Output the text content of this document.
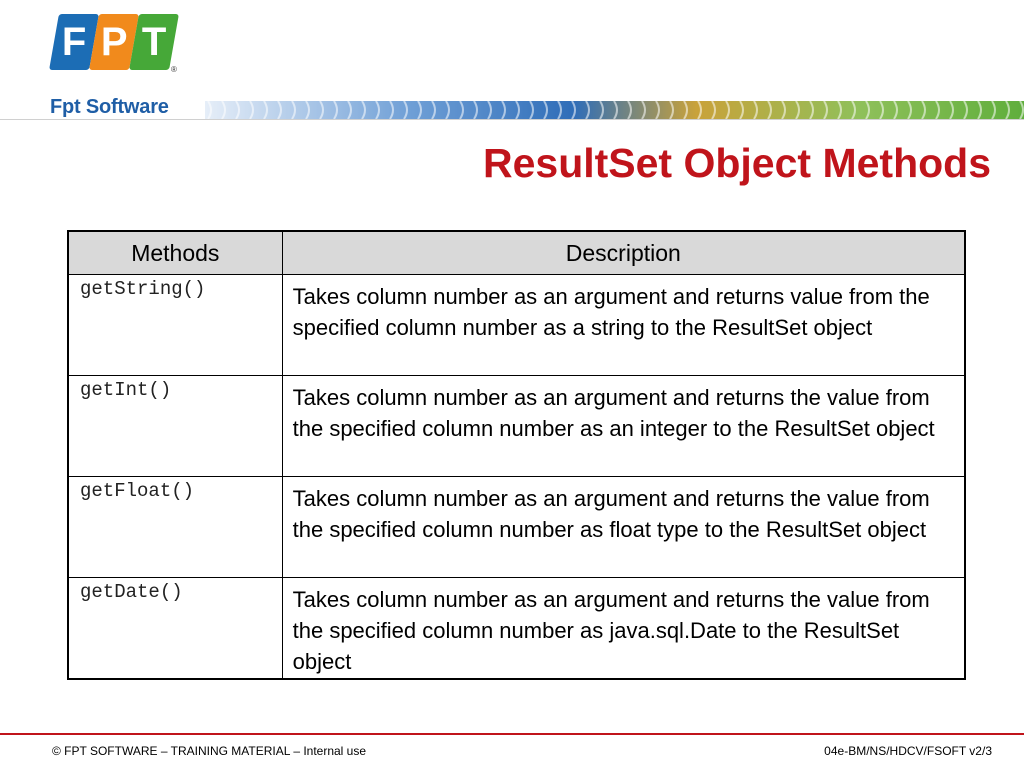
F P T
®
Fpt Software
ResultSet Object Methods
Methods	Description

getString()	Takes column number as an argument and returns value from the specified column number as a string to the ResultSet object

getInt()	Takes column number as an argument and returns the value from the specified column number as an integer to the ResultSet object

getFloat()	Takes column number as an argument and returns the value from the specified column number as float type to the ResultSet object

getDate()	Takes column number as an argument and returns the value from the specified column number as java.sql.Date to the ResultSet object
© FPT SOFTWARE – TRAINING MATERIAL – Internal use	04e-BM/NS/HDCV/FSOFT v2/3
